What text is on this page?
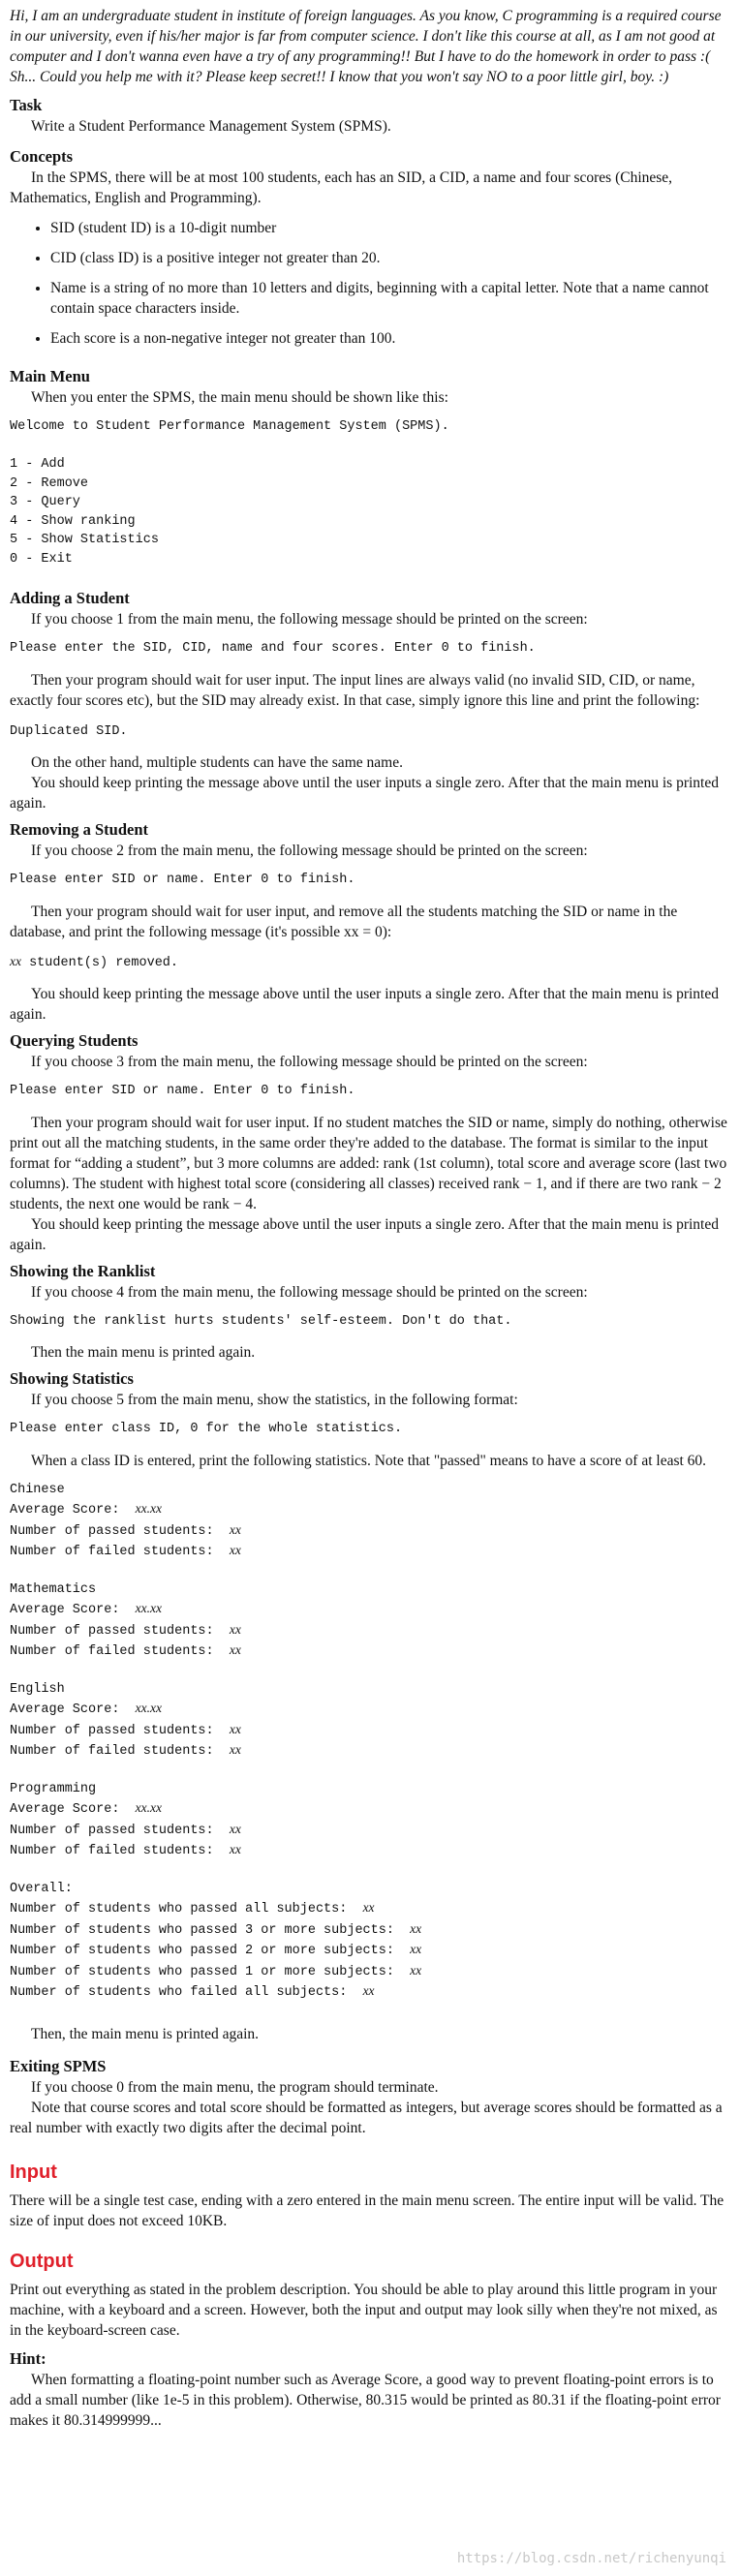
Hi, I am an undergraduate student in institute of foreign languages. As you know, C programming is a required course in our university, even if his/her major is far from computer science. I don't like this course at all, as I am not good at computer and I don't wanna even have a try of any programming!! But I have to do the homework in order to pass :( Sh... Could you help me with it? Please keep secret!! I know that you won't say NO to a poor little girl, boy. :)

Task

Write a Student Performance Management System (SPMS).

Concepts

In the SPMS, there will be at most 100 students, each has an SID, a CID, a name and four scores (Chinese, Mathematics, English and Programming).

• SID (student ID) is a 10-digit number
• CID (class ID) is a positive integer not greater than 20.
• Name is a string of no more than 10 letters and digits, beginning with a capital letter. Note that a name cannot contain space characters inside.
• Each score is a non-negative integer not greater than 100.
Main Menu

When you enter the SPMS, the main menu should be shown like this:

Welcome to Student Performance Management System (SPMS).

1 - Add
2 - Remove
3 - Query
4 - Show ranking
5 - Show Statistics
0 - Exit
Adding a Student

If you choose 1 from the main menu, the following message should be printed on the screen:

Please enter the SID, CID, name and four scores. Enter 0 to finish.

Then your program should wait for user input. The input lines are always valid (no invalid SID, CID, or name, exactly four scores etc), but the SID may already exist. In that case, simply ignore this line and print the following:

Duplicated SID.

On the other hand, multiple students can have the same name.

You should keep printing the message above until the user inputs a single zero. After that the main menu is printed again.

Removing a Student

If you choose 2 from the main menu, the following message should be printed on the screen:

Please enter SID or name. Enter 0 to finish.

Then your program should wait for user input, and remove all the students matching the SID or name in the database, and print the following message (it's possible xx = 0):

xx student(s) removed.

You should keep printing the message above until the user inputs a single zero. After that the main menu is printed again.

Querying Students

If you choose 3 from the main menu, the following message should be printed on the screen:

Please enter SID or name. Enter 0 to finish.

Then your program should wait for user input. If no student matches the SID or name, simply do nothing, otherwise print out all the matching students, in the same order they're added to the database. The format is similar to the input format for “adding a student”, but 3 more columns are added: rank (1st column), total score and average score (last two columns). The student with highest total score (considering all classes) received rank − 1, and if there are two rank − 2 students, the next one would be rank − 4.

You should keep printing the message above until the user inputs a single zero. After that the main menu is printed again.

Showing the Ranklist

If you choose 4 from the main menu, the following message should be printed on the screen:

Showing the ranklist hurts students' self-esteem. Don't do that.

Then the main menu is printed again.

Showing Statistics

If you choose 5 from the main menu, show the statistics, in the following format:

Please enter class ID, 0 for the whole statistics.

When a class ID is entered, print the following statistics. Note that "passed" means to have a score of at least 60.

Chinese
Average Score:  xx.xx
Number of passed students:  xx
Number of failed students:  xx
Mathematics
Average Score:  xx.xx
Number of passed students:  xx
Number of failed students:  xx
English
Average Score:  xx.xx
Number of passed students:  xx
Number of failed students:  xx
Programming
Average Score:  xx.xx
Number of passed students:  xx
Number of failed students:  xx
Overall:
Number of students who passed all subjects:  xx
Number of students who passed 3 or more subjects:  xx
Number of students who passed 2 or more subjects:  xx
Number of students who passed 1 or more subjects:  xx
Number of students who failed all subjects:  xx

Then, the main menu is printed again.

Exiting SPMS

If you choose 0 from the main menu, the program should terminate.

Note that course scores and total score should be formatted as integers, but average scores should be formatted as a real number with exactly two digits after the decimal point.

Input

There will be a single test case, ending with a zero entered in the main menu screen. The entire input will be valid. The size of input does not exceed 10KB.

Output

Print out everything as stated in the problem description. You should be able to play around this little program in your machine, with a keyboard and a screen. However, both the input and output may look silly when they're not mixed, as in the keyboard-screen case.

Hint:

When formatting a floating-point number such as Average Score, a good way to prevent floating-point errors is to add a small number (like 1e-5 in this problem). Otherwise, 80.315 would be printed as 80.31 if the floating-point error makes it 80.314999999...

https://blog.csdn.net/richenyunqi
